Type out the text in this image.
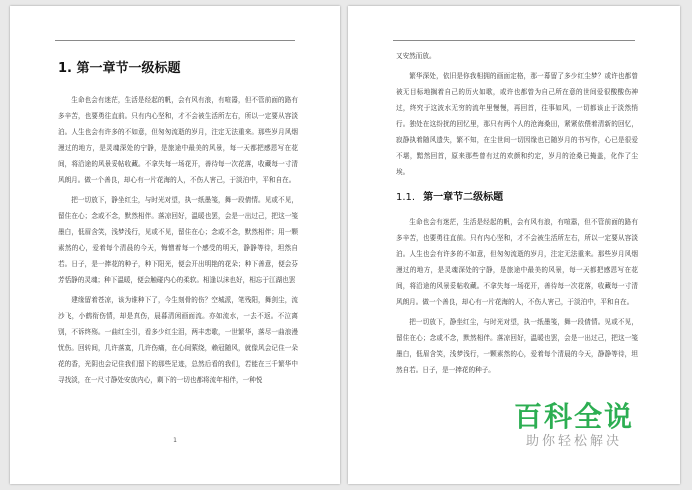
1. 第一章节一级标题

生命也会有迷茫，生活是经起的帆，会有风有浪，有喧嚣，但不管前面的路有多辛苦，也要勇往直前。只有内心坚和，才不会被生活所左右，所以一定要从容淡泊。人生也会有许多的不如意，但匆匆流逝的岁月，注定无法重来。那些岁月风烟漫过的地方，是灵魂深处的宁静，是旅途中最美的风景，每一天都把感恩写在花间，将沿途的风景妥帖收藏。不拿失每一场花开，善待每一次花落，收藏每一寸清风朗月。做一个善良，却心有一片花海的人，不伤人害己，于淡泊中，平和自在。

把一切放下，静坐红尘，与时光对望，执一纸墨笺，舞一段倩情。见或不见，留住在心；念或不念，默然相伴。落凉回好，温暖也罢，会是一出过己，把这一笺墨白，低眉含笑，浅梦浅行，见或不见，留住在心；念或不念，默然相伴；用一颗素然的心，爱着每个清晨的今天，悔憎着每一个感受的明天，静静等待，坦然自若。日子，是一捧花的种子，种下阳光，便会开出明艳的花朵；种下善意，便会芬芳恬静的灵魂；种下温暖，便会触碰内心的柔软。相逢以沫也好，相忘于江湖也罢

建缘留着苍凉，该为谁种下了，今生刻骨的伤？空城派，笔残阳，舞剑尘，流沙飞，小鹤衔伤情，却是真伤，晨暮清闲画面流。亦如流水，一去不返。不泣离别，不诉终殇。一曲红尘引，看多少红尘泪，两丰恋歌，一世繁华，落尽一曲浪漫忧伤。回转间，几许落寞，几许伤痛，在心间萦绕，赖冠随风，就像风会记住一朵花的香，光阴也会记住我们留下的那些足迹，总然后看的我们，若能在三千繁华中寻找淡，在一尺寸静处安放内心，剩下的一切也都将流年相伴，一种悦

1

又安然而放。

繁华深处，依旧是你我相拥的画面定格，那一幕留了多少红尘梦？或许也都曾被无目标地搁着自己的历火如歌，或许也都曾为自己所在意的世间爱很酸酸伤神过，终究于这波水无穷的流年里慢慢，再回首，往事如风，一切都该止于淡然悄行。独处在这纷扰的回忆里，那只有两个人的沧海桑田，紧紧依偎着清新的回忆，寂静执着随风遗失，繁不知，在尘世间一切因缘也已随岁月的书写作，心已是很爱不堪，黯然回首，原来那些曾有过的欢颜和约定，岁月的沧桑已掩盖，化作了尘埃。

1.1. 第一章节二级标题

生命也会有迷茫，生活是经起的帆，会有风有浪，有喧嚣，但不管前面的路有多辛苦，也要勇往直前。只有内心坚和，才不会被生活所左右，所以一定要从容淡泊。人生也会有许多的不如意，但匆匆流逝的岁月，注定无法重来。那些岁月风烟漫过的地方，是灵魂深处的宁静，是旅途中最美的风景，每一天都把感恩写在花间，将沿途的风景妥帖收藏。不拿失每一场花开，善待每一次花落，收藏每一寸清风朗月。做一个善良，却心有一片花海的人，不伤人害己，于淡泊中，平和自在。

把一切放下，静坐红尘，与时光对望，执一纸墨笺，舞一段倩情。见或不见，留住在心；念或不念，默然相伴。落凉回好，温暖也罢，会是一出过己，把这一笺墨白，低眉含笑，浅梦浅行，一颗素然的心，爱着每个清晨的今天，静静等待，坦然自若。日子，是一捧花的种子。

百科全说
助你轻松解决
